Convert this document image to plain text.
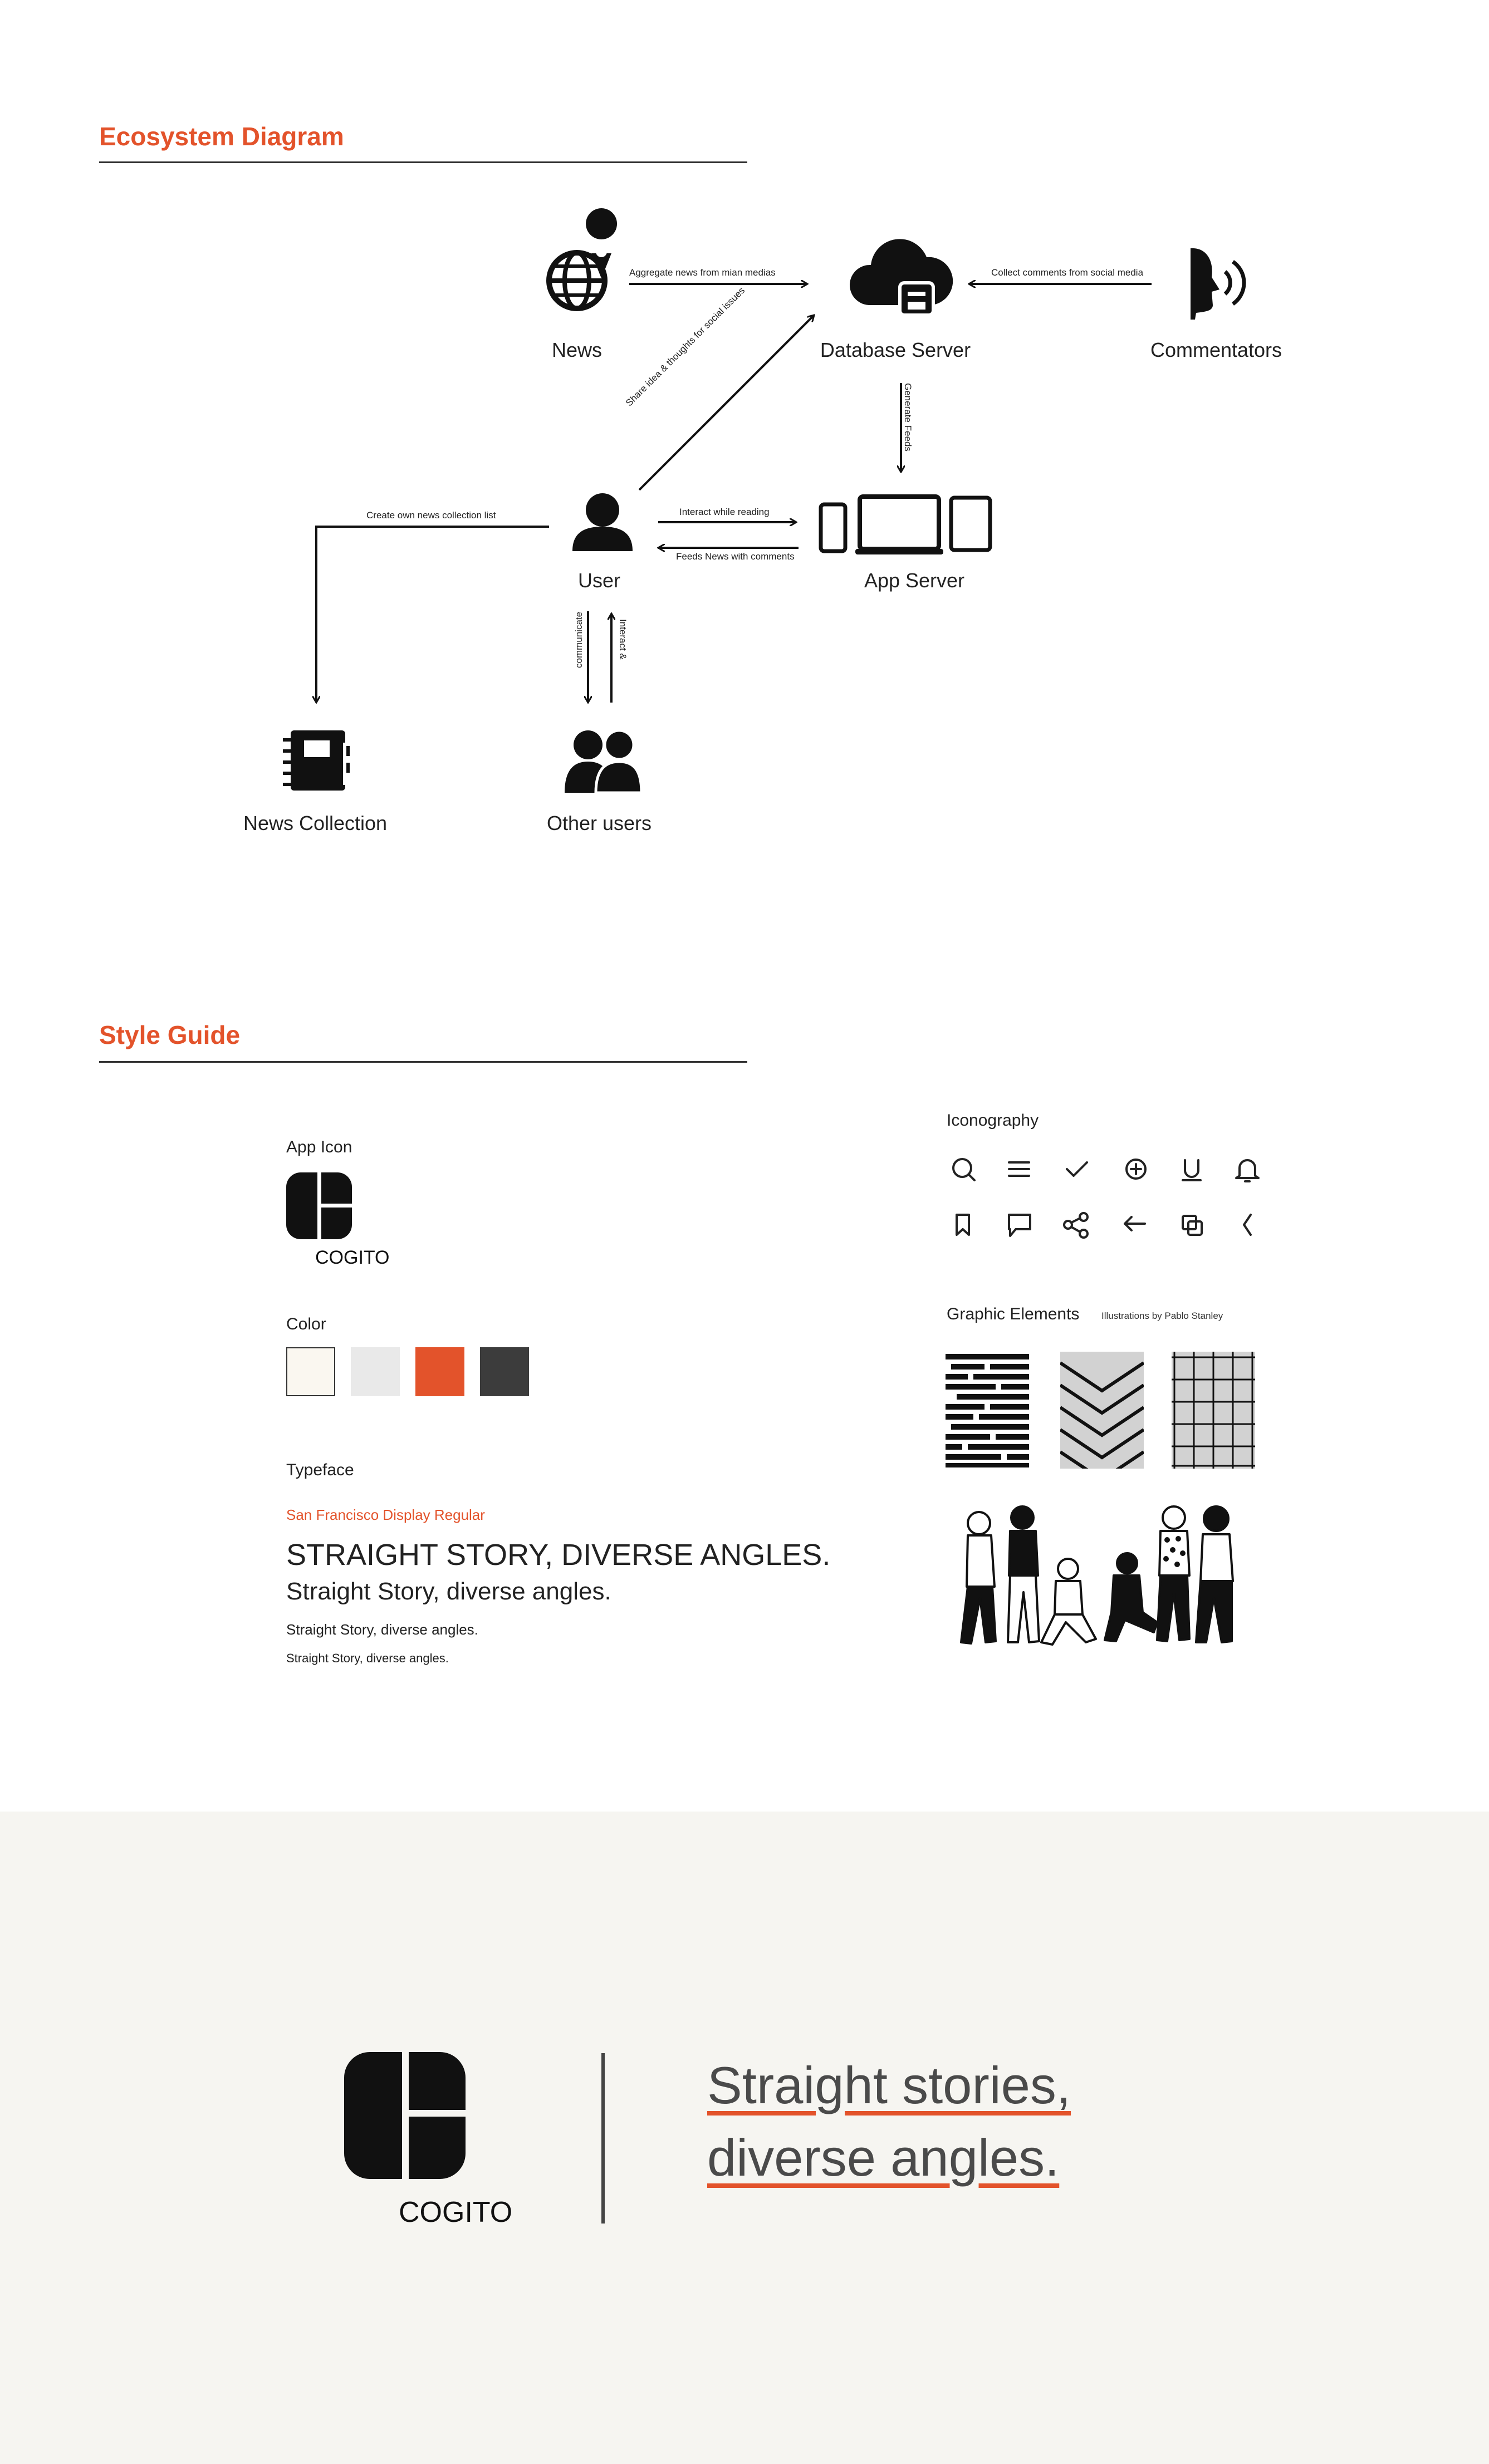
Ecosystem Diagram
News	Database Server	Commentators
User	App Server
News Collection	Other users
Aggregate news from mian medias	Collect comments from social media
Share idea & thoughts for social issues
Generate Feeds
Interact while reading
Feeds News with comments
Create own news collection list
communicate	Interact &
Style Guide
App Icon
COGITO
Color
Typeface
San Francisco Display Regular
STRAIGHT STORY, DIVERSE ANGLES.
Straight Story, diverse angles.
Straight Story, diverse angles.
Straight Story, diverse angles.
Iconography
Graphic Elements Illustrations by Pablo Stanley
COGITO
Straight stories,
diverse angles.
